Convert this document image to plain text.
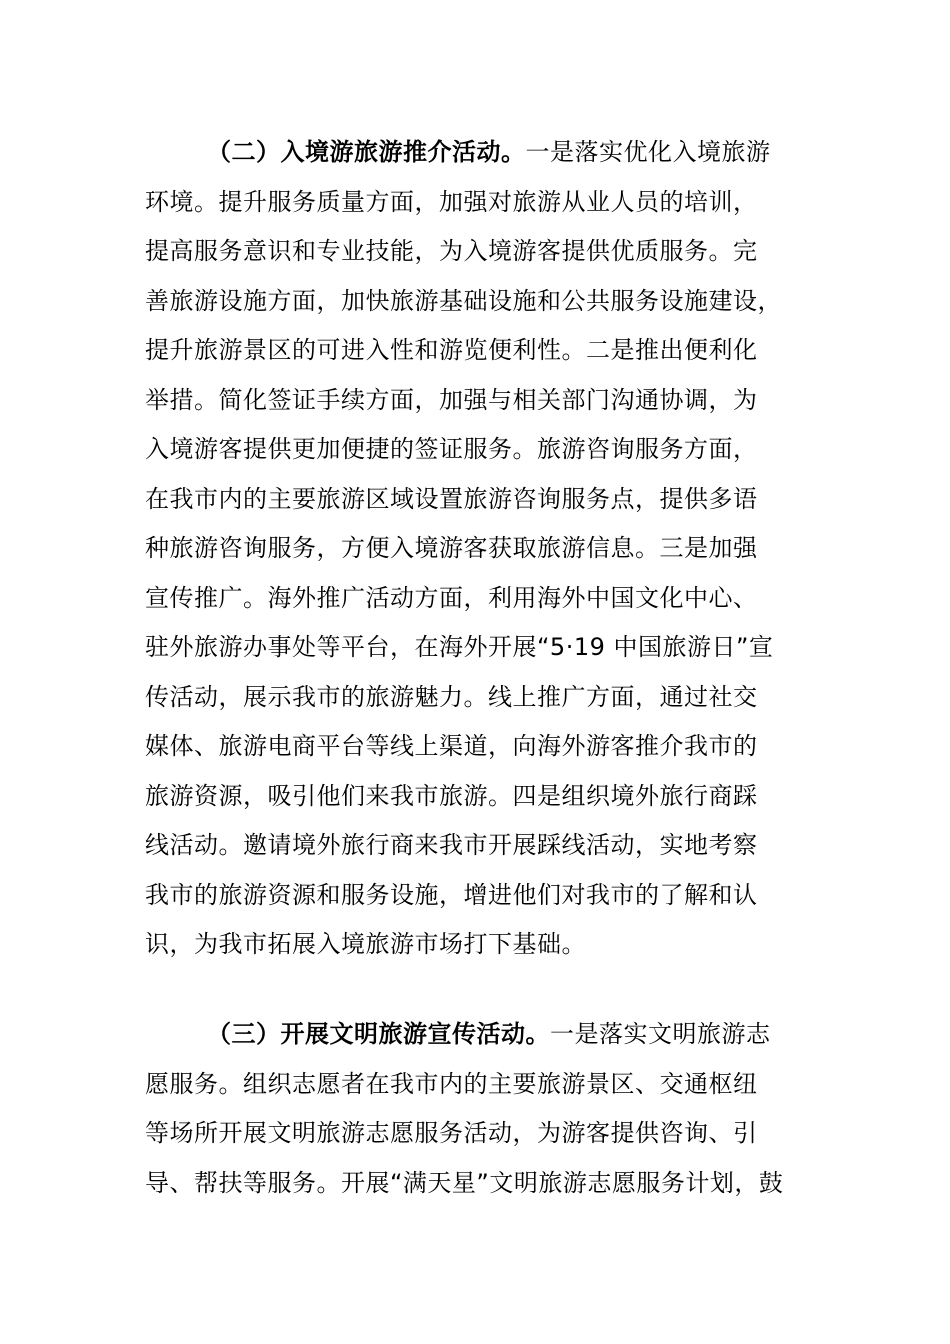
（二）入境游旅游推介活动。一是落实优化入境旅游
环境。提升服务质量方面，加强对旅游从业人员的培训，
提高服务意识和专业技能，为入境游客提供优质服务。完
善旅游设施方面，加快旅游基础设施和公共服务设施建设，
提升旅游景区的可进入性和游览便利性。二是推出便利化
举措。简化签证手续方面，加强与相关部门沟通协调，为
入境游客提供更加便捷的签证服务。旅游咨询服务方面，
在我市内的主要旅游区域设置旅游咨询服务点，提供多语
种旅游咨询服务，方便入境游客获取旅游信息。三是加强
宣传推广。海外推广活动方面，利用海外中国文化中心、
驻外旅游办事处等平台，在海外开展“5·19 中国旅游日”宣
传活动，展示我市的旅游魅力。线上推广方面，通过社交
媒体、旅游电商平台等线上渠道，向海外游客推介我市的
旅游资源，吸引他们来我市旅游。四是组织境外旅行商踩
线活动。邀请境外旅行商来我市开展踩线活动，实地考察
我市的旅游资源和服务设施，增进他们对我市的了解和认
识，为我市拓展入境旅游市场打下基础。
（三）开展文明旅游宣传活动。一是落实文明旅游志
愿服务。组织志愿者在我市内的主要旅游景区、交通枢纽
等场所开展文明旅游志愿服务活动，为游客提供咨询、引
导、帮扶等服务。开展“满天星”文明旅游志愿服务计划，鼓
